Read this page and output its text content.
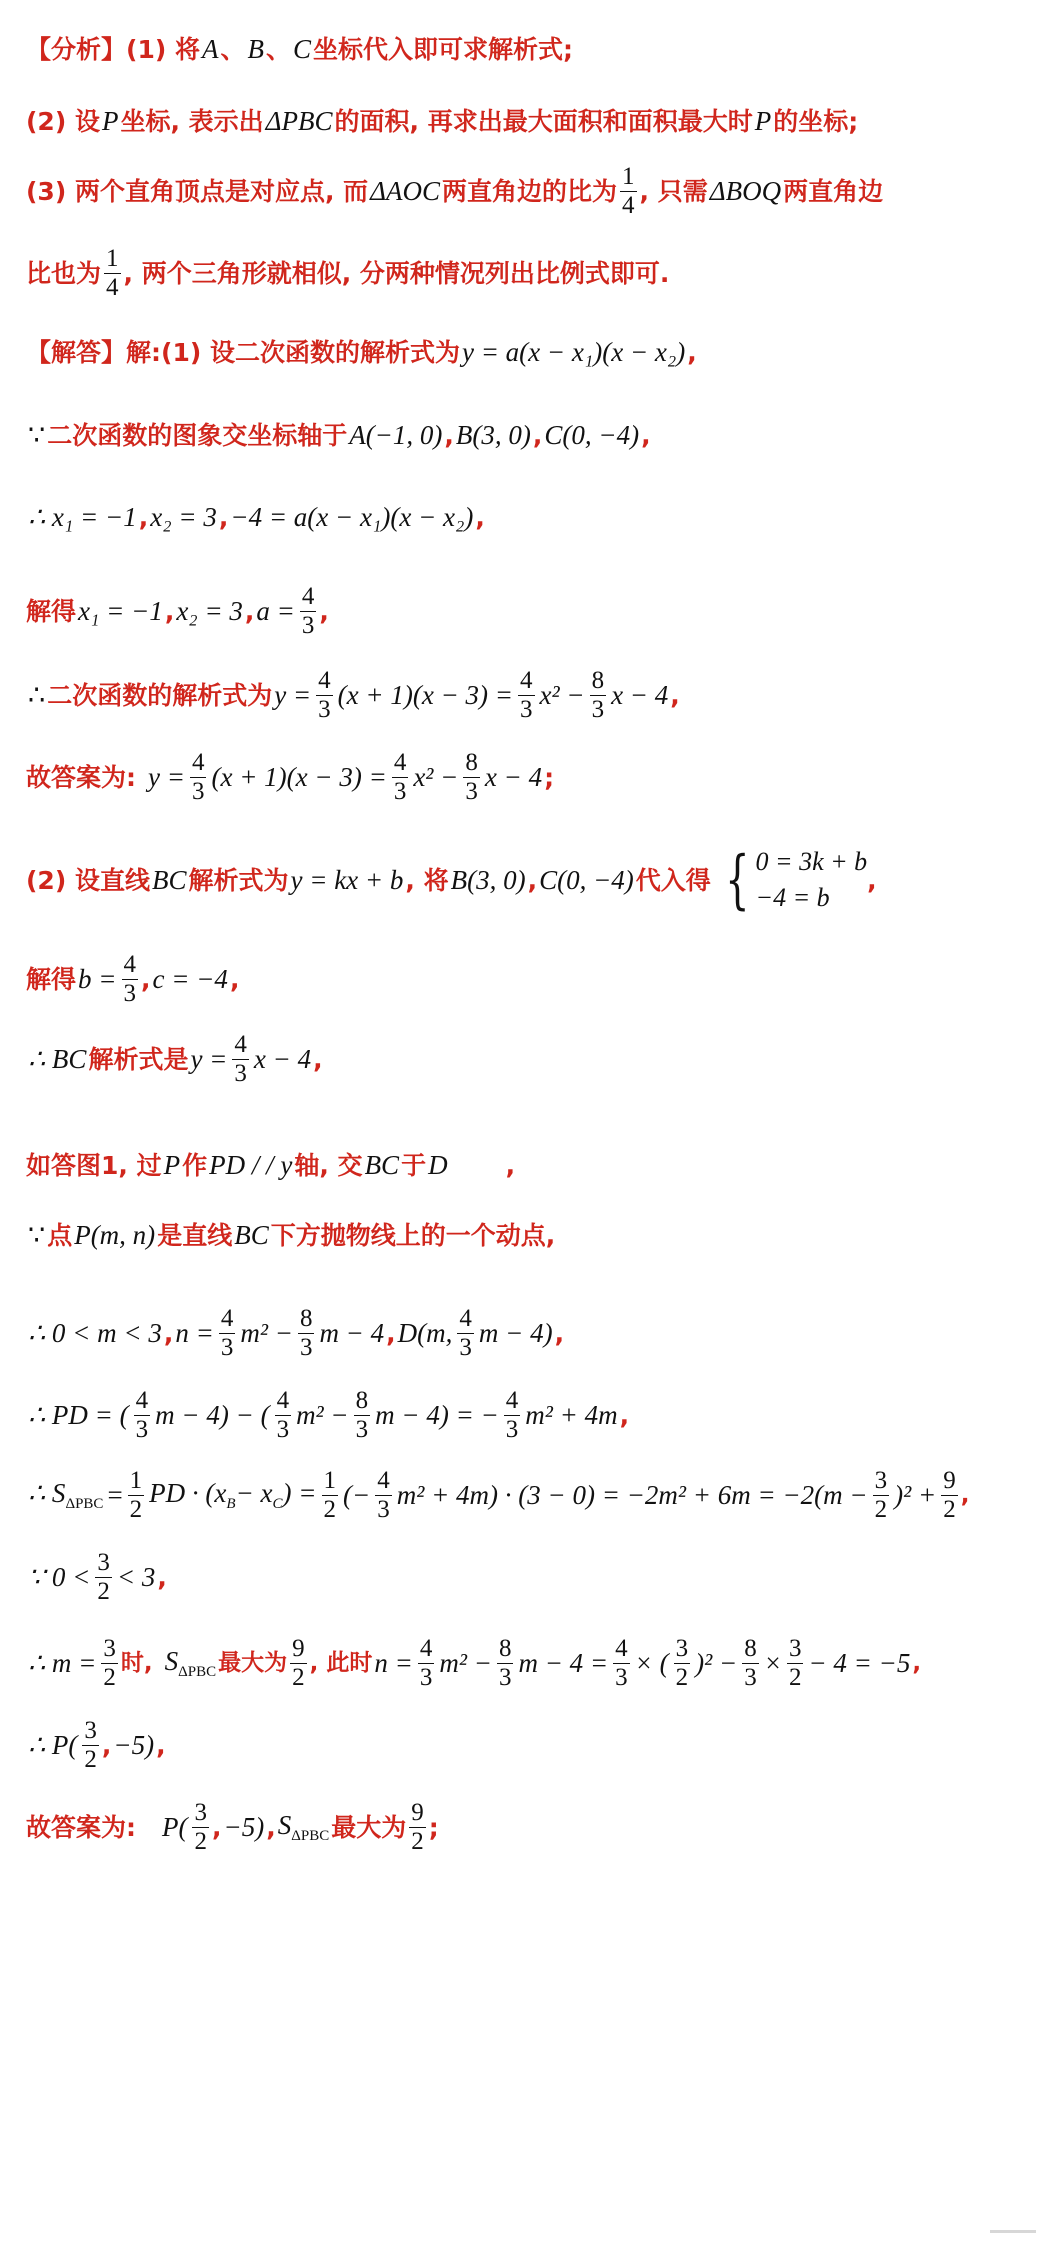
【分析】 (1) 将 A 、 B 、 C 坐标代入即可求解析式;
(2) 设 P 坐标, 表示出 ΔPBC 的面积, 再求出最大面积和面积最大时 P 的坐标;
(3) 两个直角顶点是对应点, 而 ΔAOC 两直角边的比为
1
4 , 只需 ΔBOQ 两直角边
比也为
1
4 , 两个三角形就相似, 分两种情况列出比例式即可.
【解答】 解:(1) 设二次函数的解析式为 y = a(x − x₁)(x − x₂) ,
∵ 二次函数的图象交坐标轴于 A(−1, 0) , B(3, 0) , C(0, −4) ,
∴ x₁ = −1 , x₂ = 3 , −4 = a(x − x₁)(x − x₂) ,
解得 x₁ = −1 , x₂ = 3 , $a = \frac{4}{3}$ ,
∴ 二次函数的解析式为 $y = \frac{4}{3} (x + 1)(x - 3) = \frac{4}{3} x^2 - \frac{8}{3}$ x − 4 ,
故答案为: $y = \frac{4}{3} (x + 1)(x - 3) = \frac{4}{3} x^2 - \frac{8}{3}$ x − 4 ;
(2) 设直线 BC 解析式为 y = kx + b , 将 B(3, 0) , C(0, −4) 代入得 { 0 = 3k + b
−4 = b
,
解得 $b = \frac{4}{3}$ , c = −4 ,
∴ BC 解析式是 $y = \frac{4}{3}$ x − 4 ,
如答图1, 过 P 作 PD / / y 轴, 交 BC 于 D ,
∵ 点 P(m, n) 是直线 BC 下方抛物线上的一个动点,
∴ 0 < m < 3 , $n = \frac{4}{3} m^2 - \frac{8}{3}$ m − 4 , D(m, 4
3 m − 4) ,
∴ PD = ( 4
3 m − 4) − ( 4
3 $m^2 - \frac{8}{3}$ m − 4) = − $\frac{4}{3} m^2 + 4m$ ,
∴ $S_{\Delta PBC} = \frac{1}{2}$ PD · $(x_B- x_C) = \frac{1}{2}$ (− $\frac{4}{3} m^2 + 4m) \cdot (3 - 0) = -2m^2 + 6m = -2(m - \frac{3}{2} )^2 + \frac{9}{2}$ ,
∵ 0 < 3
2 < 3 ,
∴ $m = \frac{3}{2}$ 时, $S_{\Delta PBC}$ 最大为
9
2
, 此时 $n = \frac{4}{3} m^2 - \frac{8}{3}$ $m - 4 = \frac{4}{3}$ × ( 3
2 )$^2 - \frac{8}{3} \times \frac{3}{2} - 4 = -5$ ,
∴ P( 3
2 , −5) ,
故答案为: P( 3
2 , −5) , $S_{\Delta PBC}$ 最大为
9
2 ;
